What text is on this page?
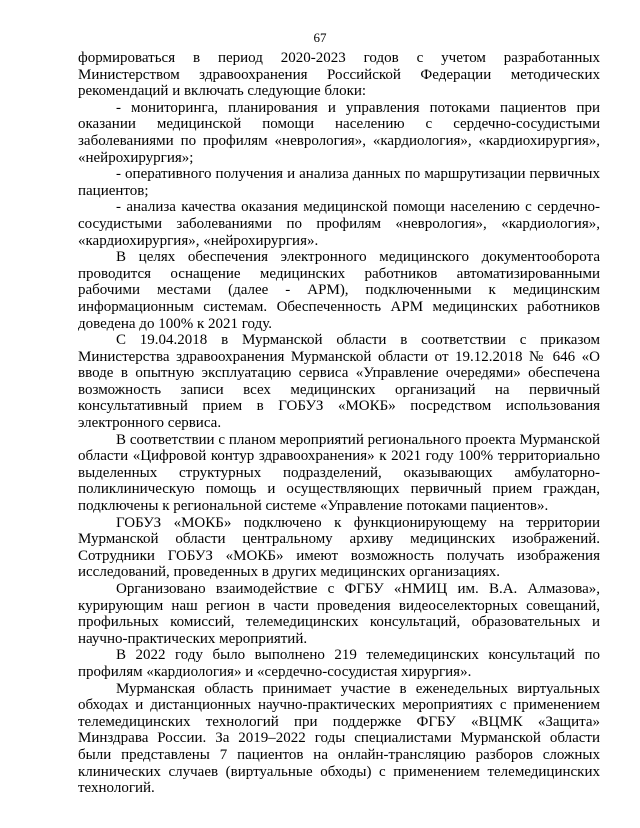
67

формироваться в период 2020-2023 годов с учетом разработанных Министерством здравоохранения Российской Федерации методических рекомендаций и включать следующие блоки:

- мониторинга, планирования и управления потоками пациентов при оказании медицинской помощи населению с сердечно-сосудистыми заболеваниями по профилям «неврология», «кардиология», «кардиохирургия», «нейрохирургия»;

- оперативного получения и анализа данных по маршрутизации первичных пациентов;

- анализа качества оказания медицинской помощи населению с сердечно-сосудистыми заболеваниями по профилям «неврология», «кардиология», «кардиохирургия», «нейрохирургия».

В целях обеспечения электронного медицинского документооборота проводится оснащение медицинских работников автоматизированными рабочими местами (далее - АРМ), подключенными к медицинским информационным системам. Обеспеченность АРМ медицинских работников доведена до 100% к 2021 году.

С 19.04.2018 в Мурманской области в соответствии с приказом Министерства здравоохранения Мурманской области от 19.12.2018 № 646 «О вводе в опытную эксплуатацию сервиса «Управление очередями» обеспечена возможность записи всех медицинских организаций на первичный консультативный прием в ГОБУЗ «МОКБ» посредством использования электронного сервиса.

В соответствии с планом мероприятий регионального проекта Мурманской области «Цифровой контур здравоохранения» к 2021 году 100% территориально выделенных структурных подразделений, оказывающих амбулаторно-поликлиническую помощь и осуществляющих первичный прием граждан, подключены к региональной системе «Управление потоками пациентов».

ГОБУЗ «МОКБ» подключено к функционирующему на территории Мурманской области центральному архиву медицинских изображений. Сотрудники ГОБУЗ «МОКБ» имеют возможность получать изображения исследований, проведенных в других медицинских организациях.

Организовано взаимодействие с ФГБУ «НМИЦ им. В.А. Алмазова», курирующим наш регион в части проведения видеоселекторных совещаний, профильных комиссий, телемедицинских консультаций, образовательных и научно-практических мероприятий.

В 2022 году было выполнено 219 телемедицинских консультаций по профилям «кардиология» и «сердечно-сосудистая хирургия».

Мурманская область принимает участие в еженедельных виртуальных обходах и дистанционных научно-практических мероприятиях с применением телемедицинских технологий при поддержке ФГБУ «ВЦМК «Защита» Минздрава России. За 2019–2022 годы специалистами Мурманской области были представлены 7 пациентов на онлайн-трансляцию разборов сложных клинических случаев (виртуальные обходы) с применением телемедицинских технологий.
